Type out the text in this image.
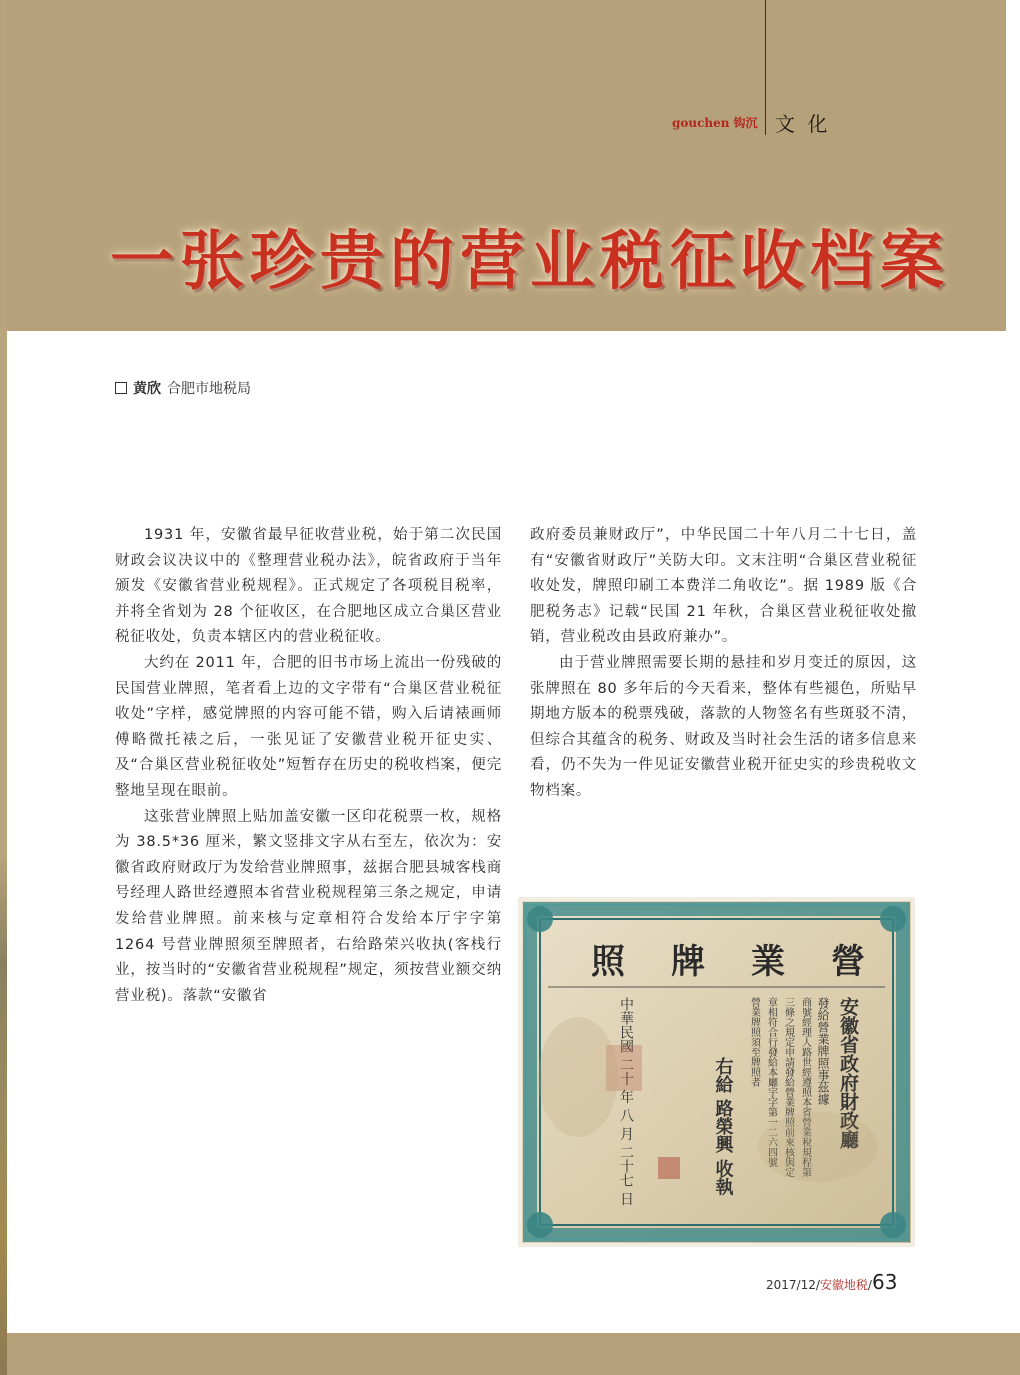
gouchen 钩沉 文 化
一张珍贵的营业税征收档案
黄欣 合肥市地税局

1931 年，安徽省最早征收营业税，始于第二次民国财政会议决议中的《整理营业税办法》，皖省政府于当年颁发《安徽省营业税规程》。正式规定了各项税目税率，并将全省划为 28 个征收区，在合肥地区成立合巢区营业税征收处，负责本辖区内的营业税征收。

大约在 2011 年，合肥的旧书市场上流出一份残破的民国营业牌照，笔者看上边的文字带有“合巢区营业税征收处”字样，感觉牌照的内容可能不错，购入后请裱画师傅略微托裱之后，一张见证了安徽营业税开征史实、及“合巢区营业税征收处”短暂存在历史的税收档案，便完整地呈现在眼前。

这张营业牌照上贴加盖安徽一区印花税票一枚，规格为 38.5*36 厘米，繁文竖排文字从右至左，依次为：安徽省政府财政厅为发给营业牌照事，兹据合肥县城客栈商号经理人路世经遵照本省营业税规程第三条之规定，申请发给营业牌照。前来核与定章相符合发给本厅宇字第 1264 号营业牌照须至牌照者，右给路荣兴收执(客栈行业，按当时的“安徽省营业税规程”规定，须按营业额交纳营业税)。落款“安徽省

政府委员兼财政厅”，中华民国二十年八月二十七日，盖有“安徽省财政厅”关防大印。文末注明“合巢区营业税征收处发，牌照印刷工本费洋二角收讫”。据 1989 版《合肥税务志》记载“民国 21 年秋，合巢区营业税征收处撤销，营业税改由县政府兼办”。

由于营业牌照需要长期的悬挂和岁月变迁的原因，这张牌照在 80 多年后的今天看来，整体有些褪色，所贴早期地方版本的税票残破，落款的人物签名有些斑驳不清，但综合其蕴含的税务、财政及当时社会生活的诸多信息来看，仍不失为一件见证安徽营业税开征史实的珍贵税收文物档案。

營
業
牌
照
安徽省政府財政廳
發給營業牌照事茲據
商號經理人路世經遵照本省營業稅規程第
三條之規定申請發給營業牌照前來核與定
章相符合行發給本廳宇字第一二六四號
營業牌照須至牌照者
右給 路榮興 收執
中華民國 二十 年 八 月 二十七 日
2017/12/ 安徽地税 / 63
